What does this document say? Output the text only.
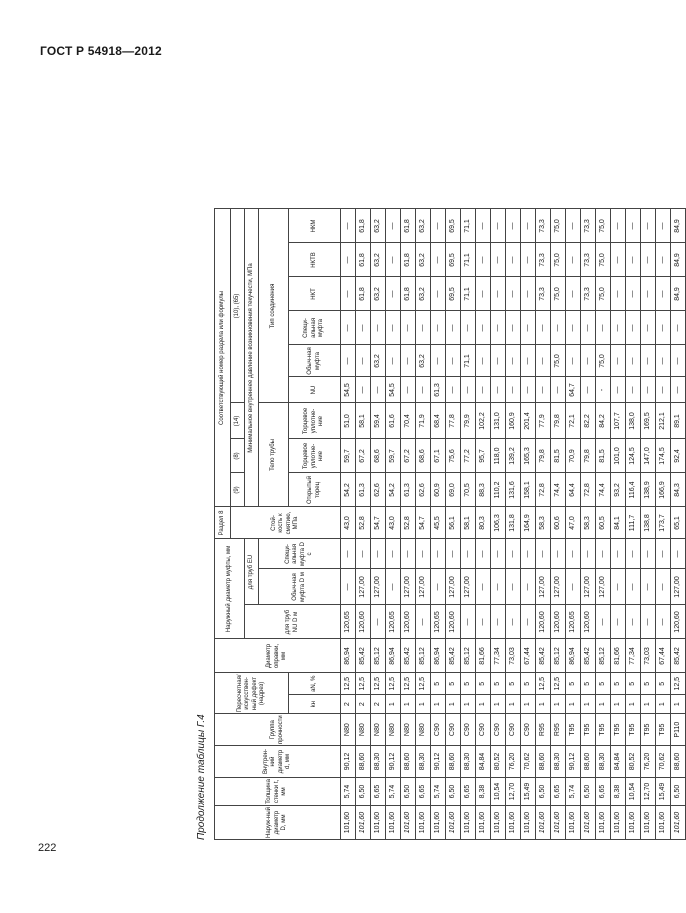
ГОСТ Р 54918—2012
222
Продолжение таблицы Г.4	Наруж-ный диаметр D, мм	Толщина стенки t, мм	Внутрен-ний диаметр d, мм	Группа прочности	Пересчетная/ искусствен-ный дефект (надрез)		Диаметр оправки, мм	Наружный диаметр муфты, мм			Раздел 8	Соответствующий номер раздела или формулы								
										Стой-кость к смятию, МПа	(9)	(8)	(14)	(10), (65)					
							для труб NU D м	для труб EU			Минимальное внутреннее давление возникновения текучести, МПа								
								Обыч-ная муфта D м	Специ-альная муфта D с		Тело трубы			Тип соединения					
				kн	aN, %						Открытый торец	Торцевое уплотне-ние	Торцевое уплотне-ние	NU	Обыч-ная муфта	Специ-альная муфта	НКТ	НКТВ	НКМ
101,60	5,74	90,12	N80	2	12,5	86,94	120,65	—	—	43,0	54,2	59,7	51,0	54,5	—	—	—	—	—
101,60	6,50	88,60	N80	2	12,5	85,42	120,60	127,00	—	52,8	61,3	67,2	58,1	—	—	—	61,8	61,8	61,8
101,60	6,65	88,30	N80	2	12,5	85,12	—	127,00	—	54,7	62,6	68,6	59,4	—	63,2	—	63,2	63,2	63,2
101,60	5,74	90,12	N80	1	12,5	86,94	120,65	—	—	43,0	54,2	59,7	61,6	54,5	—	—	—	—	—
101,60	6,50	88,60	N80	1	12,5	85,42	120,60	127,00	—	52,8	61,3	67,2	70,4	—	—	—	61,8	61,8	61,8
101,60	6,65	88,30	N80	1	12,5	85,12	—	127,00	—	54,7	62,6	68,6	71,9	—	63,2	—	63,2	63,2	63,2
101,60	5,74	90,12	C90	1	5	86,94	120,65	—	—	45,5	60,9	67,1	68,4	61,3	—	—	—	—	—
101,60	6,50	88,60	C90	1	5	85,42	120,60	127,00	—	56,1	69,0	75,6	77,8	—	—	—	69,5	69,5	69,5
101,60	6,65	88,30	C90	1	5	85,12	—	127,00	—	58,1	70,5	77,2	79,9	—	71,1	—	71,1	71,1	71,1
101,60	8,38	84,84	C90	1	5	81,66	—	—	—	80,3	88,3	95,7	102,2	—	—	—	—	—	—
101,60	10,54	80,52	C90	1	5	77,34	—	—	—	106,3	110,2	118,0	131,0	—	—	—	—	—	—
101,60	12,70	76,20	C90	1	5	73,03	—	—	—	131,8	131,6	139,2	160,9	—	—	—	—	—	—
101,60	15,49	70,62	C90	1	5	67,44	—	—	—	164,9	158,1	165,3	201,4	—	—	—	—	—	—
101,60	6,50	88,60	R95	1	12,5	85,42	120,60	127,00	—	58,3	72,8	79,8	77,9	—	—	—	73,3	73,3	73,3
101,60	6,65	88,30	R95	1	12,5	85,12	120,60	127,00	—	60,6	74,4	81,5	79,8	—	75,0	—	75,0	75,0	75,0
101,60	5,74	90,12	T95	1	5	86,94	120,65	—	—	47,0	64,4	70,9	72,1	64,7	—	—	—	—	—
101,60	6,50	88,60	T95	1	5	85,42	120,60	127,00	—	58,3	72,8	79,8	82,2	—	—	—	73,3	73,3	73,3
101,60	6,65	88,30	T95	1	5	85,12	—	127,00	—	60,5	74,4	81,5	84,2	-	75,0	—	75,0	75,0	75,0
101,60	8,38	84,84	T95	1	5	81,66	—	—	—	84,1	93,2	101,0	107,7	—	—	—	—	—	—
101,60	10,54	80,52	T95	1	5	77,34	—	—	—	111,7	116,4	124,5	138,0	—	—	—	—	—	—
101,60	12,70	76,20	T95	1	5	73,03	—	—	—	138,8	138,9	147,0	169,5	—	—	—	—	—	—
101,60	15,49	70,62	T95	1	5	67,44	—	—	—	173,7	166,9	174,5	212,1	—	—	—	—	—	—
101,60	6,50	88,60	P110	1	12,5	85,42	120,60	127,00	—	65,1	84,3	92,4	89,1	—	—	—	84,9	84,9	84,9
